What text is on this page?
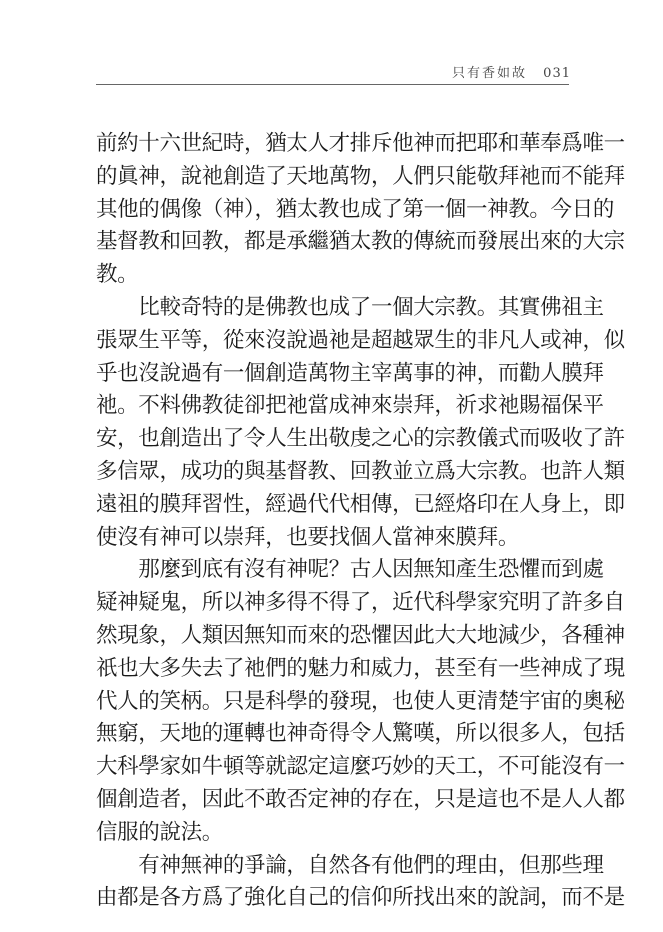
只有香如故 031
前約十六世紀時，猶太人才排斥他神而把耶和華奉爲唯一
的眞神，說祂創造了天地萬物，人們只能敬拜祂而不能拜
其他的偶像（神），猶太教也成了第一個一神教。今日的
基督教和回教，都是承繼猶太教的傳統而發展出來的大宗
教。
　　比較奇特的是佛教也成了一個大宗教。其實佛祖主
張眾生平等，從來沒說過祂是超越眾生的非凡人或神，似
乎也沒說過有一個創造萬物主宰萬事的神，而勸人膜拜
祂。不料佛教徒卻把祂當成神來崇拜，祈求祂賜福保平
安，也創造出了令人生出敬虔之心的宗教儀式而吸收了許
多信眾，成功的與基督教、回教並立爲大宗教。也許人類
遠祖的膜拜習性，經過代代相傳，已經烙印在人身上，即
使沒有神可以崇拜，也要找個人當神來膜拜。
　　那麼到底有沒有神呢？古人因無知產生恐懼而到處
疑神疑鬼，所以神多得不得了，近代科學家究明了許多自
然現象，人類因無知而來的恐懼因此大大地減少，各種神
祇也大多失去了祂們的魅力和威力，甚至有一些神成了現
代人的笑柄。只是科學的發現，也使人更清楚宇宙的奧秘
無窮，天地的運轉也神奇得令人驚嘆，所以很多人，包括
大科學家如牛頓等就認定這麼巧妙的天工，不可能沒有一
個創造者，因此不敢否定神的存在，只是這也不是人人都
信服的說法。
　　有神無神的爭論，自然各有他們的理由，但那些理
由都是各方爲了強化自己的信仰所找出來的說詞，而不是
